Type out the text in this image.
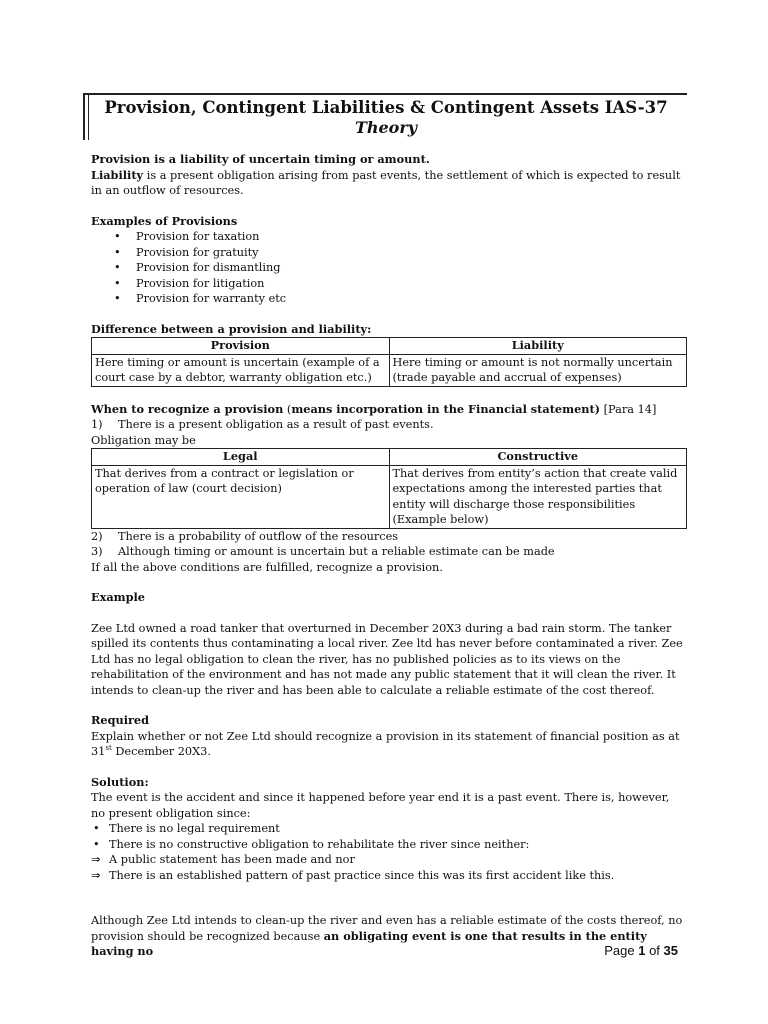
Provision, Contingent Liabilities & Contingent Assets IAS-37
Theory

Provision is a liability of uncertain timing or amount.

Liability is a present obligation arising from past events, the settlement of which is expected to result in an outflow of resources.

Examples of Provisions

• Provision for taxation
• Provision for gratuity
• Provision for dismantling
• Provision for litigation
• Provision for warranty etc

Difference between a provision and liability:

Provision	Liability
Here timing or amount is uncertain (example of a court case by a debtor, warranty obligation etc.)	Here timing or amount is not normally uncertain (trade payable and accrual of expenses)

When to recognize a provision (means incorporation in the Financial statement) [Para 14]

1) There is a present obligation as a result of past events.

Obligation may be

Legal	Constructive
That derives from a contract or legislation or operation of law (court decision)	That derives from entity’s action that create valid expectations among the interested parties that entity will discharge those responsibilities (Example below)

2) There is a probability of outflow of the resources

3) Although timing or amount is uncertain but a reliable estimate can be made

If all the above conditions are fulfilled, recognize a provision.

Example

Zee Ltd owned a road tanker that overturned in December 20X3 during a bad rain storm. The tanker spilled its contents thus contaminating a local river. Zee ltd has never before contaminated a river. Zee Ltd has no legal obligation to clean the river, has no published policies as to its views on the rehabilitation of the environment and has not made any public statement that it will clean the river. It intends to clean-up the river and has been able to calculate a reliable estimate of the cost thereof.

Required

Explain whether or not Zee Ltd should recognize a provision in its statement of financial position as at 31st December 20X3.

Solution:

The event is the accident and since it happened before year end it is a past event. There is, however, no present obligation since:

• There is no legal requirement
• There is no constructive obligation to rehabilitate the river since neither:
⇒ A public statement has been made and nor
⇒ There is an established pattern of past practice since this was its first accident like this.

Although Zee Ltd intends to clean-up the river and even has a reliable estimate of the costs thereof, no provision should be recognized because an obligating event is one that results in the entity having no	Page 1 of 35
